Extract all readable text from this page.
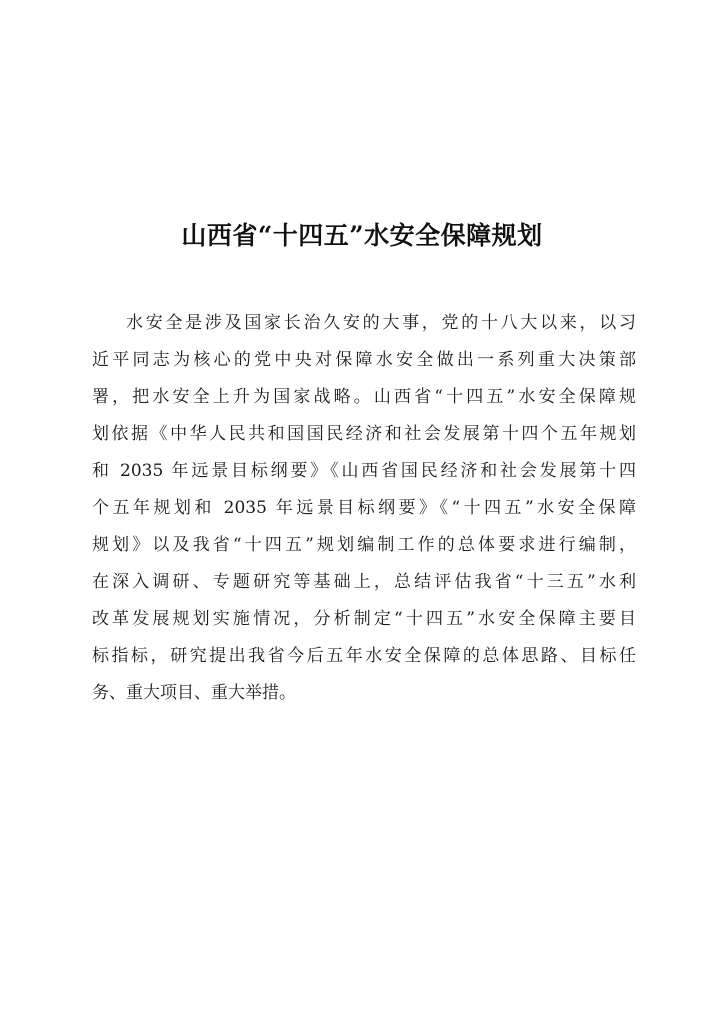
山西省“十四五”水安全保障规划
水安全是涉及国家长治久安的大事，党的十八大以来，以习
近平同志为核心的党中央对保障水安全做出一系列重大决策部
署，把水安全上升为国家战略。山西省“十四五”水安全保障规
划依据《中华人民共和国国民经济和社会发展第十四个五年规划
和 2035 年远景目标纲要》《山西省国民经济和社会发展第十四
个五年规划和 2035 年远景目标纲要》《“十四五”水安全保障
规划》以及我省“十四五”规划编制工作的总体要求进行编制，
在深入调研、专题研究等基础上，总结评估我省“十三五”水利
改革发展规划实施情况，分析制定“十四五”水安全保障主要目
标指标，研究提出我省今后五年水安全保障的总体思路、目标任
务、重大项目、重大举措。
